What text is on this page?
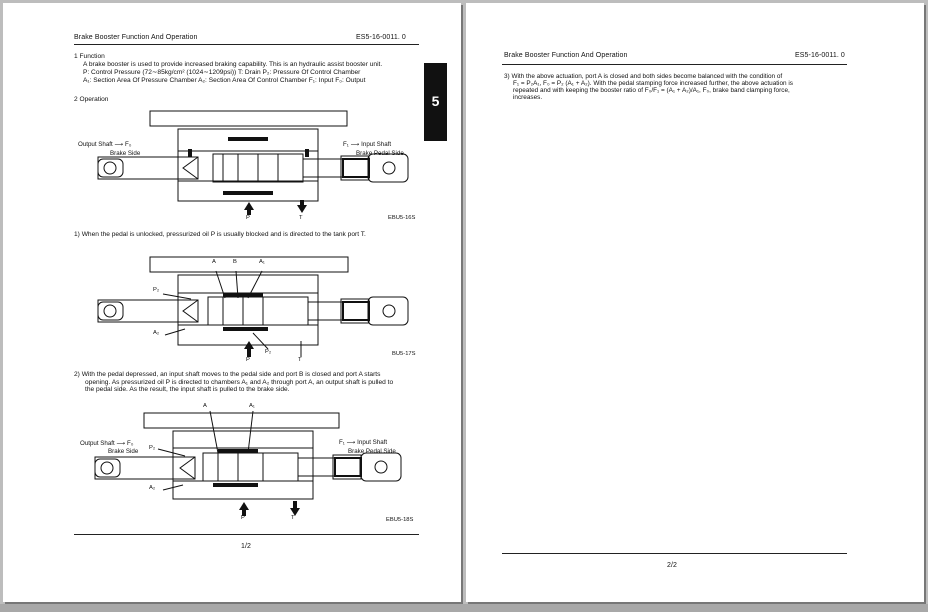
Brake Booster Function And Operation	ES5-16-0011. 0
5
1 Function
A brake booster is used to provide increased braking capability. This is an hydraulic assist booster unit.
P: Control Pressure (72∼85kg/cm² (1024∼1209psi)) T: Drain P₂: Pressure Of Control Chamber
A₁: Section Area Of Pressure Chamber A₂: Section Area Of Control Chamber F₁: Input F₀: Output
2 Operation
Output Shaft ⟶ F₀
Brake Side
F₁ ⟶ Input Shaft
Brake Pedal Side
P	T	EBU5-16S
1) When the pedal is unlocked, pressurized oil P is usually blocked and is directed to the tank port T.
A	B	A₁
P₂
A₂
P₂
P	T
BU5-17S
2) With the pedal depressed, an input shaft moves to the pedal side and port B is closed and port A starts
opening. As pressurized oil P is directed to chambers A₁ and A₂ through port A, an output shaft is pulled to
the pedal side. As the result, the input shaft is pulled to the brake side.
A	A₁
Output Shaft ⟶ F₀
Brake Side P₂
A₂
F₁ ⟶ Input Shaft
Brake Pedal Side
P	T	EBU5-18S
1/2
Brake Booster Function And Operation	ES5-16-0011. 0
3) With the above actuation, port A is closed and both sides become balanced with the condition of
F₁ = P₂A₁, F₀ = P₂ (A₁ + A₂). With the pedal stamping force increased further, the above actuation is
repeated and with keeping the booster ratio of F₀/F₁ = (A₁ + A₂)/A₁, F₀, brake band clamping force,
increases.
2/2
